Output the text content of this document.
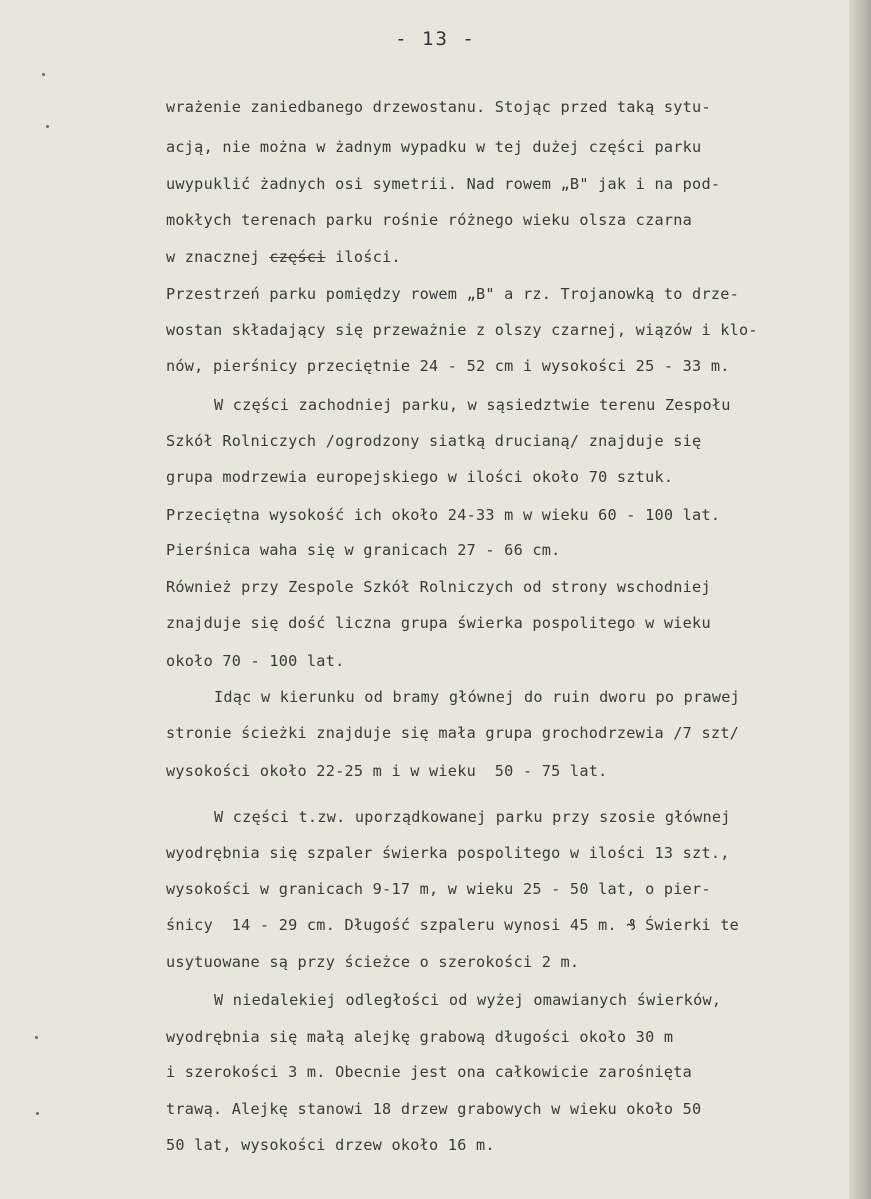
- 13 -
wrażenie zaniedbanego drzewostanu. Stojąc przed taką sytu-
acją, nie można w żadnym wypadku w tej dużej części parku
uwypuklić żadnych osi symetrii. Nad rowem „B" jak i na pod-
mokłych terenach parku rośnie różnego wieku olsza czarna
w znacznej części ilości.
Przestrzeń parku pomiędzy rowem „B" a rz. Trojanowką to drze-
wostan składający się przeważnie z olszy czarnej, wiązów i klo-
nów, pierśnicy przeciętnie 24 - 52 cm i wysokości 25 - 33 m.
W części zachodniej parku, w sąsiedztwie terenu Zespołu
Szkół Rolniczych /ogrodzony siatką drucianą/ znajduje się
grupa modrzewia europejskiego w ilości około 70 sztuk.
Przeciętna wysokość ich około 24-33 m w wieku 60 - 100 lat.
Pierśnica waha się w granicach 27 - 66 cm.
Również przy Zespole Szkół Rolniczych od strony wschodniej
znajduje się dość liczna grupa świerka pospolitego w wieku
około 70 - 100 lat.
Idąc w kierunku od bramy głównej do ruin dworu po prawej
stronie ścieżki znajduje się mała grupa grochodrzewia /7 szt/
wysokości około 22-25 m i w wieku  50 - 75 lat.
W części t.zw. uporządkowanej parku przy szosie głównej
wyodrębnia się szpaler świerka pospolitego w ilości 13 szt.,
wysokości w granicach 9-17 m, w wieku 25 - 50 lat, o pier-
śnicy  14 - 29 cm. Długość szpaleru wynosi 45 m. ₰ Świerki te
usytuowane są przy ścieżce o szerokości 2 m.
W niedalekiej odległości od wyżej omawianych świerków,
wyodrębnia się małą alejkę grabową długości około 30 m
i szerokości 3 m. Obecnie jest ona całkowicie zarośnięta
trawą. Alejkę stanowi 18 drzew grabowych w wieku około 50
50 lat, wysokości drzew około 16 m.
